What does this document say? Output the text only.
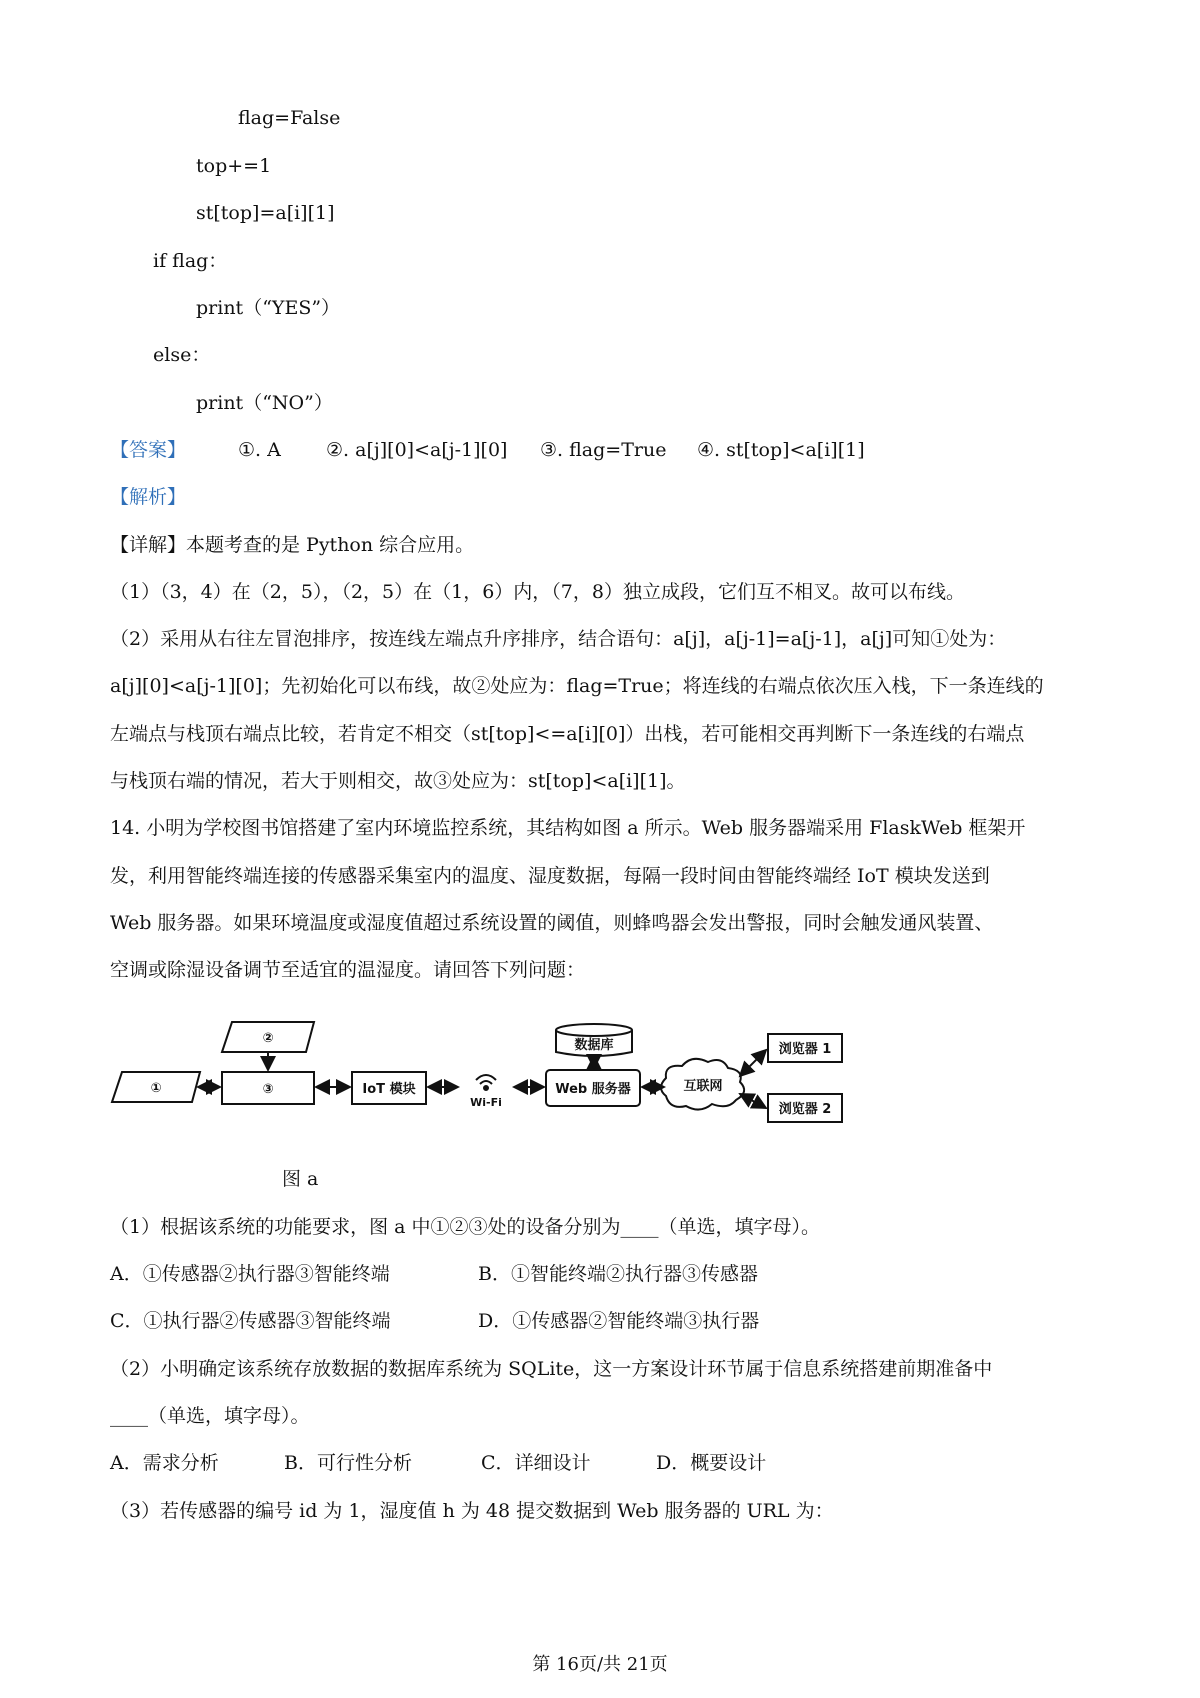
flag=False
top+=1
st[top]=a[i][1]
if flag：
print（“YES”）
else：
print（“NO”）
【答案】	①. A ②. a[j][0]<a[j-1][0] ③. flag=True ④. st[top]<a[i][1]
【解析】
【详解】本题考查的是 Python 综合应用。
（1）（3，4）在（2，5），（2，5）在（1，6）内，（7，8）独立成段，它们互不相叉。故可以布线。
（2）采用从右往左冒泡排序，按连线左端点升序排序，结合语句：a[j]，a[j-1]=a[j-1]，a[j]可知①处为：
a[j][0]<a[j-1][0]；先初始化可以布线，故②处应为：flag=True；将连线的右端点依次压入栈，下一条连线的
左端点与栈顶右端点比较，若肯定不相交（st[top]<=a[i][0]）出栈，若可能相交再判断下一条连线的右端点
与栈顶右端的情况，若大于则相交，故③处应为：st[top]<a[i][1]。
14. 小明为学校图书馆搭建了室内环境监控系统，其结构如图 a 所示。Web 服务器端采用 FlaskWeb 框架开
发，利用智能终端连接的传感器采集室内的温度、湿度数据，每隔一段时间由智能终端经 IoT 模块发送到
Web 服务器。如果环境温度或湿度值超过系统设置的阈值，则蜂鸣器会发出警报，同时会触发通风装置、
空调或除湿设备调节至适宜的温湿度。请回答下列问题：
①
②
③	IoT 模块
Wi-Fi
Web 服务器
数据库
互联网
浏览器 1
浏览器 2
图 a
（1）根据该系统的功能要求，图 a 中①②③处的设备分别为____（单选，填字母）。
A．①传感器②执行器③智能终端	B．①智能终端②执行器③传感器
C．①执行器②传感器③智能终端	D．①传感器②智能终端③执行器
（2）小明确定该系统存放数据的数据库系统为 SQLite，这一方案设计环节属于信息系统搭建前期准备中
____（单选，填字母）。
A．需求分析	B．可行性分析	C．详细设计	D．概要设计
（3）若传感器的编号 id 为 1，湿度值 h 为 48 提交数据到 Web 服务器的 URL 为：
第 16页/共 21页
